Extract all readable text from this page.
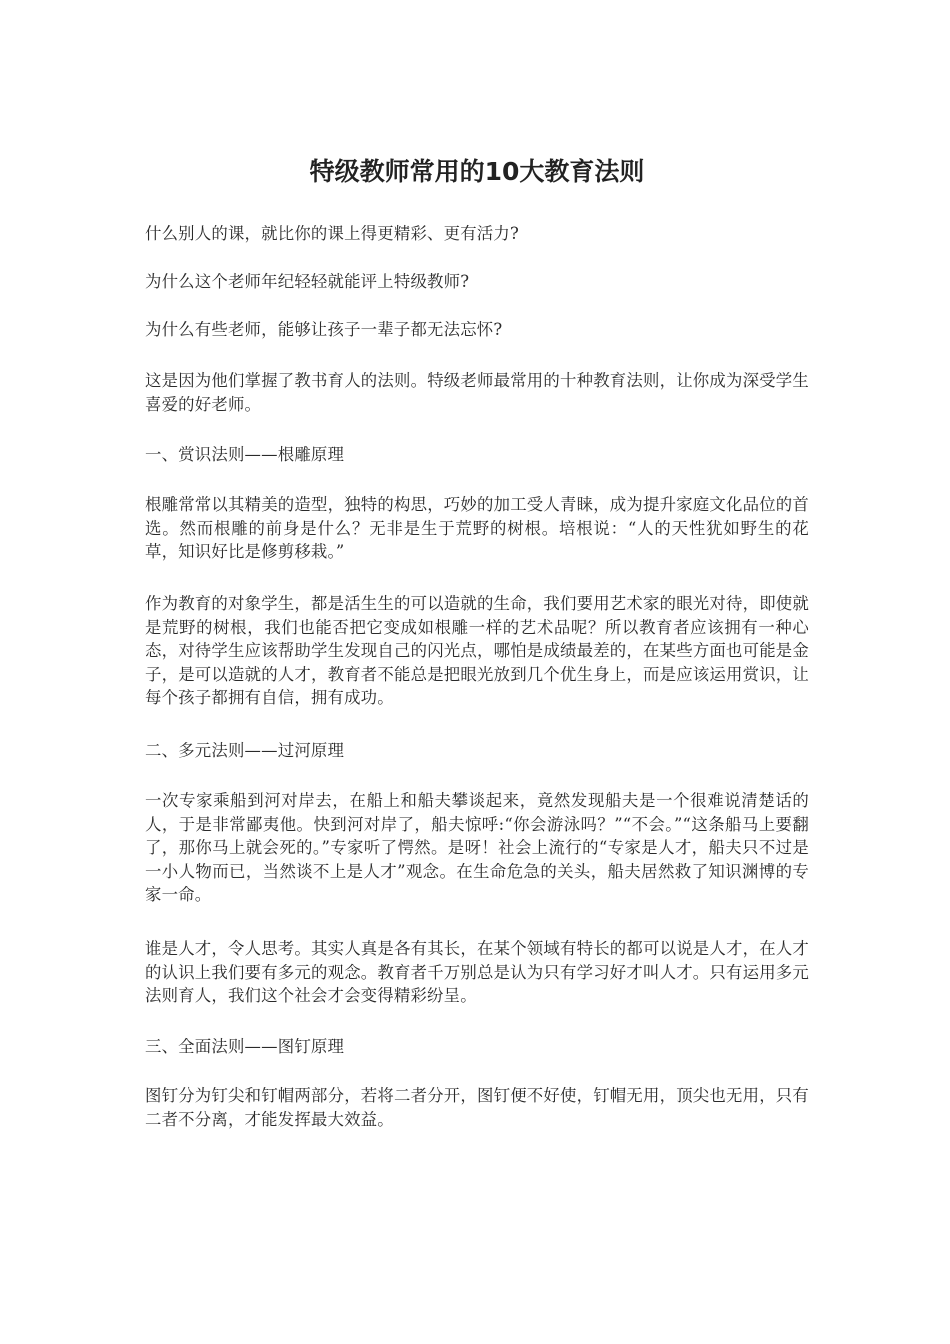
特级教师常用的10大教育法则

什么别人的课，就比你的课上得更精彩、更有活力?

为什么这个老师年纪轻轻就能评上特级教师?

为什么有些老师，能够让孩子一辈子都无法忘怀?

这是因为他们掌握了教书育人的法则。特级老师最常用的十种教育法则，让你成为深受学生喜爱的好老师。

一、赏识法则——根雕原理

根雕常常以其精美的造型，独特的构思，巧妙的加工受人青睐，成为提升家庭文化品位的首选。然而根雕的前身是什么？无非是生于荒野的树根。培根说：“人的天性犹如野生的花草，知识好比是修剪移栽。”

作为教育的对象学生，都是活生生的可以造就的生命，我们要用艺术家的眼光对待，即使就是荒野的树根，我们也能否把它变成如根雕一样的艺术品呢？所以教育者应该拥有一种心态，对待学生应该帮助学生发现自己的闪光点，哪怕是成绩最差的，在某些方面也可能是金子，是可以造就的人才，教育者不能总是把眼光放到几个优生身上，而是应该运用赏识，让每个孩子都拥有自信，拥有成功。

二、多元法则——过河原理

一次专家乘船到河对岸去，在船上和船夫攀谈起来，竟然发现船夫是一个很难说清楚话的人，于是非常鄙夷他。快到河对岸了，船夫惊呼:“你会游泳吗？”“不会。”“这条船马上要翻了，那你马上就会死的。”专家听了愕然。是呀！社会上流行的“专家是人才，船夫只不过是一小人物而已，当然谈不上是人才”观念。在生命危急的关头，船夫居然救了知识渊博的专家一命。

谁是人才，令人思考。其实人真是各有其长，在某个领域有特长的都可以说是人才，在人才的认识上我们要有多元的观念。教育者千万别总是认为只有学习好才叫人才。只有运用多元法则育人，我们这个社会才会变得精彩纷呈。

三、全面法则——图钉原理

图钉分为钉尖和钉帽两部分，若将二者分开，图钉便不好使，钉帽无用，顶尖也无用，只有二者不分离，才能发挥最大效益。
